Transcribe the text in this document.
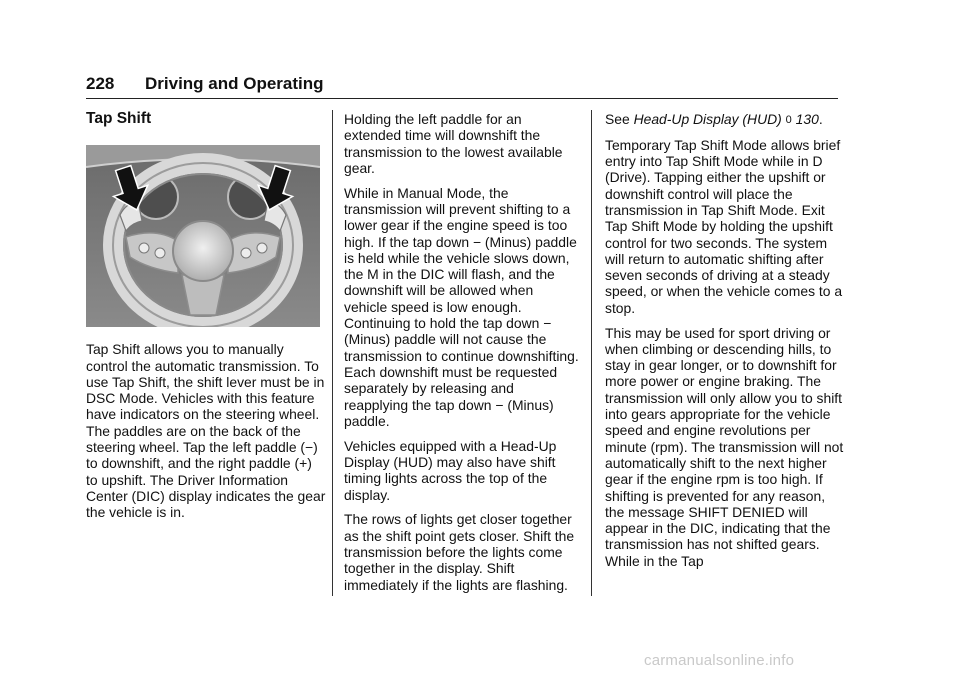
228 Driving and Operating
Tap Shift

Tap Shift allows you to manually control the automatic transmission. To use Tap Shift, the shift lever must be in DSC Mode. Vehicles with this feature have indicators on the steering wheel. The paddles are on the back of the steering wheel. Tap the left paddle (−) to downshift, and the right paddle (+) to upshift. The Driver Information Center (DIC) display indicates the gear the vehicle is in.

Holding the left paddle for an extended time will downshift the transmission to the lowest available gear.

While in Manual Mode, the transmission will prevent shifting to a lower gear if the engine speed is too high. If the tap down − (Minus) paddle is held while the vehicle slows down, the M in the DIC will flash, and the downshift will be allowed when vehicle speed is low enough. Continuing to hold the tap down − (Minus) paddle will not cause the transmission to continue downshifting. Each downshift must be requested separately by releasing and reapplying the tap down − (Minus) paddle.

Vehicles equipped with a Head-Up Display (HUD) may also have shift timing lights across the top of the display.

The rows of lights get closer together as the shift point gets closer. Shift the transmission before the lights come together in the display. Shift immediately if the lights are flashing.

See Head-Up Display (HUD) 0 130.

Temporary Tap Shift Mode allows brief entry into Tap Shift Mode while in D (Drive). Tapping either the upshift or downshift control will place the transmission in Tap Shift Mode. Exit Tap Shift Mode by holding the upshift control for two seconds. The system will return to automatic shifting after seven seconds of driving at a steady speed, or when the vehicle comes to a stop.

This may be used for sport driving or when climbing or descending hills, to stay in gear longer, or to downshift for more power or engine braking. The transmission will only allow you to shift into gears appropriate for the vehicle speed and engine revolutions per minute (rpm). The transmission will not automatically shift to the next higher gear if the engine rpm is too high. If shifting is prevented for any reason, the message SHIFT DENIED will appear in the DIC, indicating that the transmission has not shifted gears. While in the Tap

carmanualsonline.info
